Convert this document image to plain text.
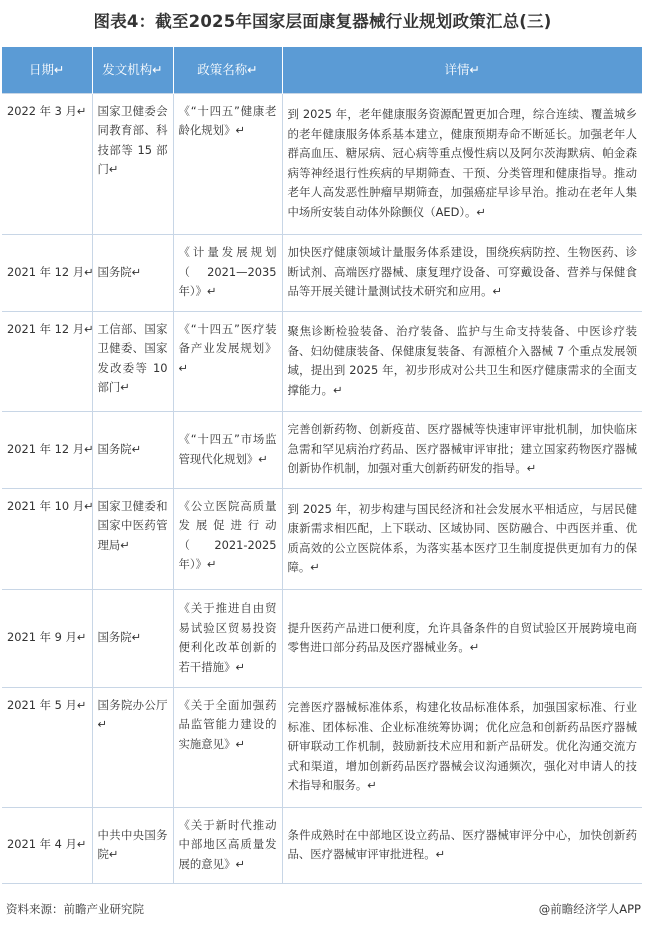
图表4：截至2025年国家层面康复器械行业规划政策汇总(三)
日期↵	发文机构↵	政策名称↵	详情↵
2022 年 3 月↵	国家卫健委会同教育部、科技部等 15 部门↵	《“十四五”健康老龄化规划》↵	到 2025 年，老年健康服务资源配置更加合理，综合连续、覆盖城乡的老年健康服务体系基本建立，健康预期寿命不断延长。加强老年人群高血压、糖尿病、冠心病等重点慢性病以及阿尔茨海默病、帕金森病等神经退行性疾病的早期筛查、干预、分类管理和健康指导。推动老年人高发恶性肿瘤早期筛查，加强癌症早诊早治。推动在老年人集中场所安装自动体外除颤仪（AED）。↵
2021 年 12 月↵	国务院↵	《计量发展规划（2021—2035 年）》↵	加快医疗健康领域计量服务体系建设，围绕疾病防控、生物医药、诊断试剂、高端医疗器械、康复理疗设备、可穿戴设备、营养与保健食品等开展关键计量测试技术研究和应用。↵
2021 年 12 月↵	工信部、国家卫健委、国家发改委等 10 部门↵	《“十四五”医疗装备产业发展规划》↵	聚焦诊断检验装备、治疗装备、监护与生命支持装备、中医诊疗装备、妇幼健康装备、保健康复装备、有源植介入器械 7 个重点发展领域，提出到 2025 年，初步形成对公共卫生和医疗健康需求的全面支撑能力。↵
2021 年 12 月↵	国务院↵	《“十四五”市场监管现代化规划》↵	完善创新药物、创新疫苗、医疗器械等快速审评审批机制，加快临床急需和罕见病治疗药品、医疗器械审评审批；建立国家药物医疗器械创新协作机制，加强对重大创新药研发的指导。↵
2021 年 10 月↵	国家卫健委和国家中医药管理局↵	《公立医院高质量发展促进行动（2021-2025 年）》↵	到 2025 年，初步构建与国民经济和社会发展水平相适应，与居民健康新需求相匹配，上下联动、区域协同、医防融合、中西医并重、优质高效的公立医院体系，为落实基本医疗卫生制度提供更加有力的保障。↵
2021 年 9 月↵	国务院↵	《关于推进自由贸易试验区贸易投资便利化改革创新的若干措施》↵	提升医药产品进口便利度，允许具备条件的自贸试验区开展跨境电商零售进口部分药品及医疗器械业务。↵
2021 年 5 月↵	国务院办公厅↵	《关于全面加强药品监管能力建设的实施意见》↵	完善医疗器械标准体系，构建化妆品标准体系，加强国家标准、行业标准、团体标准、企业标准统筹协调；优化应急和创新药品医疗器械研审联动工作机制，鼓励新技术应用和新产品研发。优化沟通交流方式和渠道，增加创新药品医疗器械会议沟通频次，强化对申请人的技术指导和服务。↵
2021 年 4 月↵	中共中央国务院↵	《关于新时代推动中部地区高质量发展的意见》↵	条件成熟时在中部地区设立药品、医疗器械审评分中心，加快创新药品、医疗器械审评审批进程。↵
资料来源：前瞻产业研究院	@前瞻经济学人APP
